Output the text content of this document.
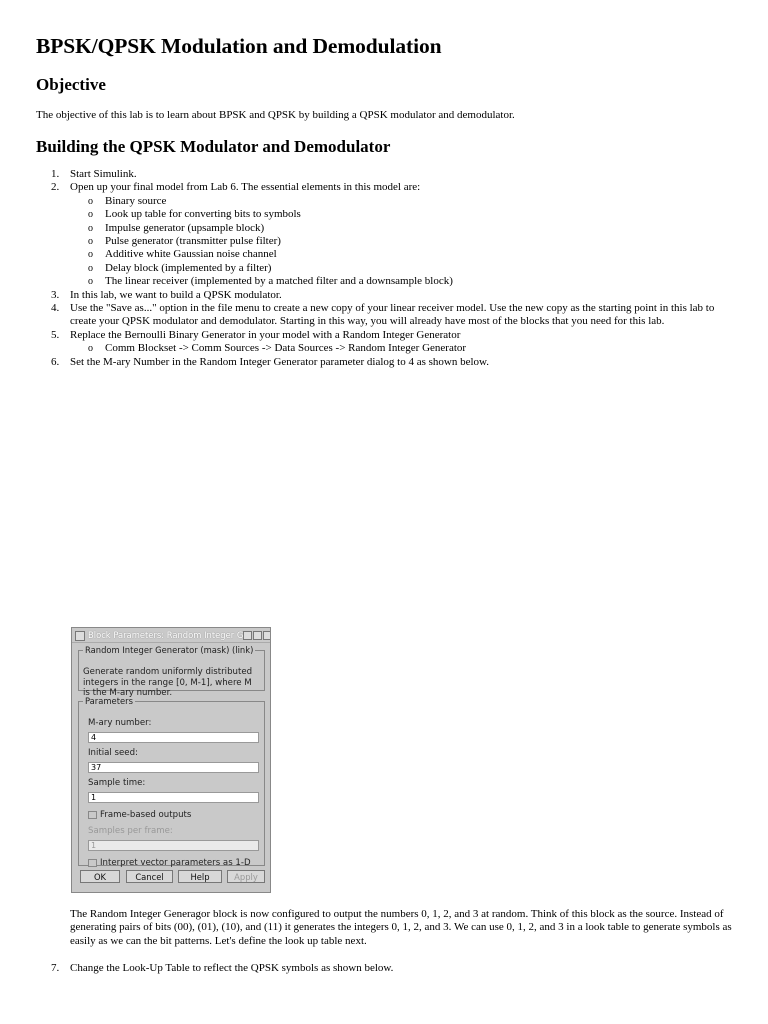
BPSK/QPSK Modulation and Demodulation
Objective

The objective of this lab is to learn about BPSK and QPSK by building a QPSK modulator and demodulator.

Building the QPSK Modulator and Demodulator
1. Start Simulink.
2. Open up your final model from Lab 6. The essential elements in this model are:
o Binary source
o Look up table for converting bits to symbols
o Impulse generator (upsample block)
o Pulse generator (transmitter pulse filter)
o Additive white Gaussian noise channel
o Delay block (implemented by a filter)
o The linear receiver (implemented by a matched filter and a downsample block)
3. In this lab, we want to build a QPSK modulator.
4. Use the "Save as..." option in the file menu to create a new copy of your linear receiver model. Use the new copy as the starting point in this lab to create your QPSK modulator and demodulator. Starting in this way, you will already have most of the blocks that you need for this lab.
5. Replace the Bernoulli Binary Generator in your model with a Random Integer Generator
o Comm Blockset -> Comm Sources -> Data Sources -> Random Integer Generator
6. Set the M-ary Number in the Random Integer Generator parameter dialog to 4 as shown below.
Block Parameters: Random Integer G
Random Integer Generator (mask) (link)
Generate random uniformly distributed integers in the range [0, M-1], where M is the M-ary number.
Parameters
M-ary number:
4
Initial seed:
37
Sample time:
1
Frame-based outputs
Samples per frame:
1
Interpret vector parameters as 1-D
OK	Cancel	Help	Apply

The Random Integer Generagor block is now configured to output the numbers 0, 1, 2, and 3 at random. Think of this block as the source. Instead of generating pairs of bits (00), (01), (10), and (11) it generates the integers 0, 1, 2, and 3. We can use 0, 1, 2, and 3 in a look table to generate symbols as easily as we can the bit patterns. Let's define the look up table next.

7. Change the Look-Up Table to reflect the QPSK symbols as shown below.
